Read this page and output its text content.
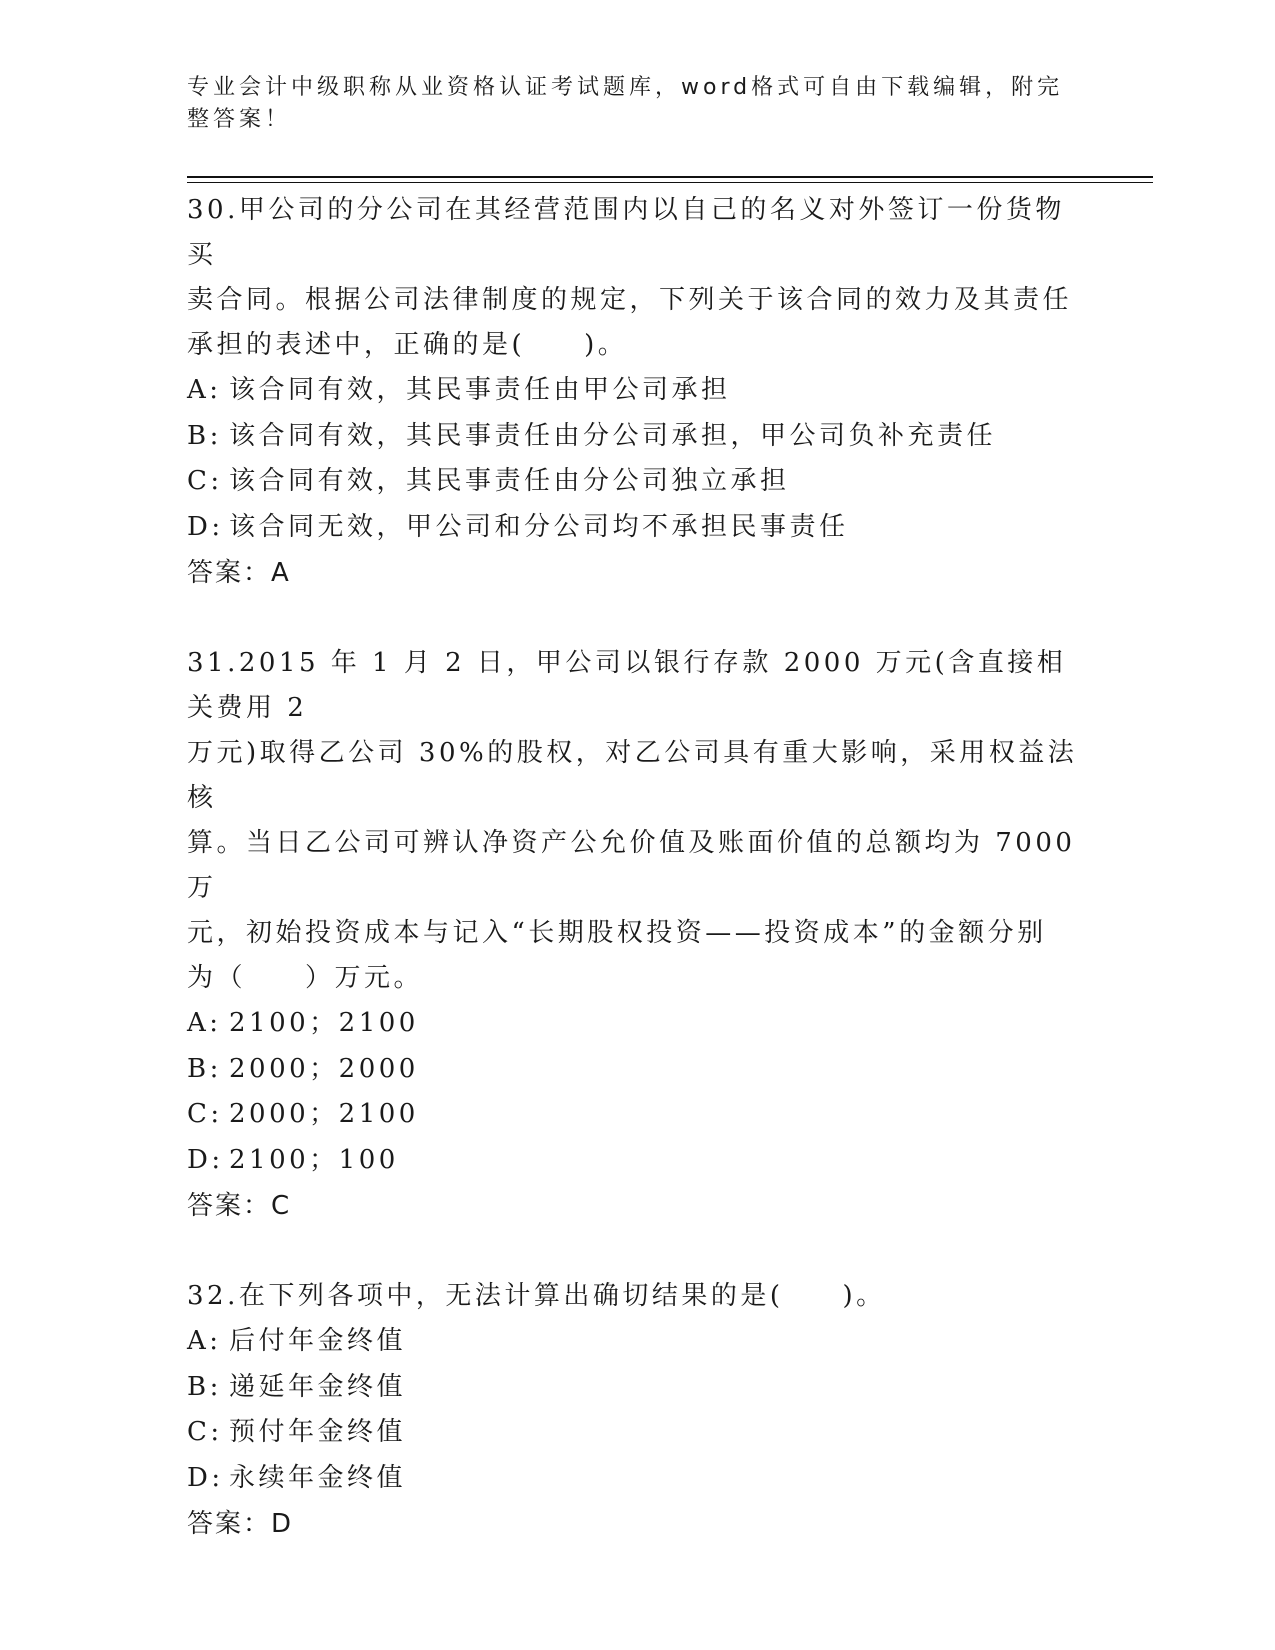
专业会计中级职称从业资格认证考试题库，word格式可自由下载编辑，附完整答案！

30.甲公司的分公司在其经营范围内以自己的名义对外签订一份货物买

卖合同。根据公司法律制度的规定，下列关于该合同的效力及其责任

承担的表述中，正确的是(　　)。

A: 该合同有效，其民事责任由甲公司承担

B: 该合同有效，其民事责任由分公司承担，甲公司负补充责任

C: 该合同有效，其民事责任由分公司独立承担

D: 该合同无效，甲公司和分公司均不承担民事责任

答案：A

31.2015 年 1 月 2 日，甲公司以银行存款 2000 万元(含直接相关费用 2

万元)取得乙公司 30%的股权，对乙公司具有重大影响，采用权益法核

算。当日乙公司可辨认净资产公允价值及账面价值的总额均为 7000 万

元，初始投资成本与记入“长期股权投资——投资成本”的金额分别

为（　　）万元。

A: 2100；2100

B: 2000；2000

C: 2000；2100

D: 2100；100

答案：C

32.在下列各项中，无法计算出确切结果的是(　　)。

A: 后付年金终值

B: 递延年金终值

C: 预付年金终值

D: 永续年金终值

答案：D
